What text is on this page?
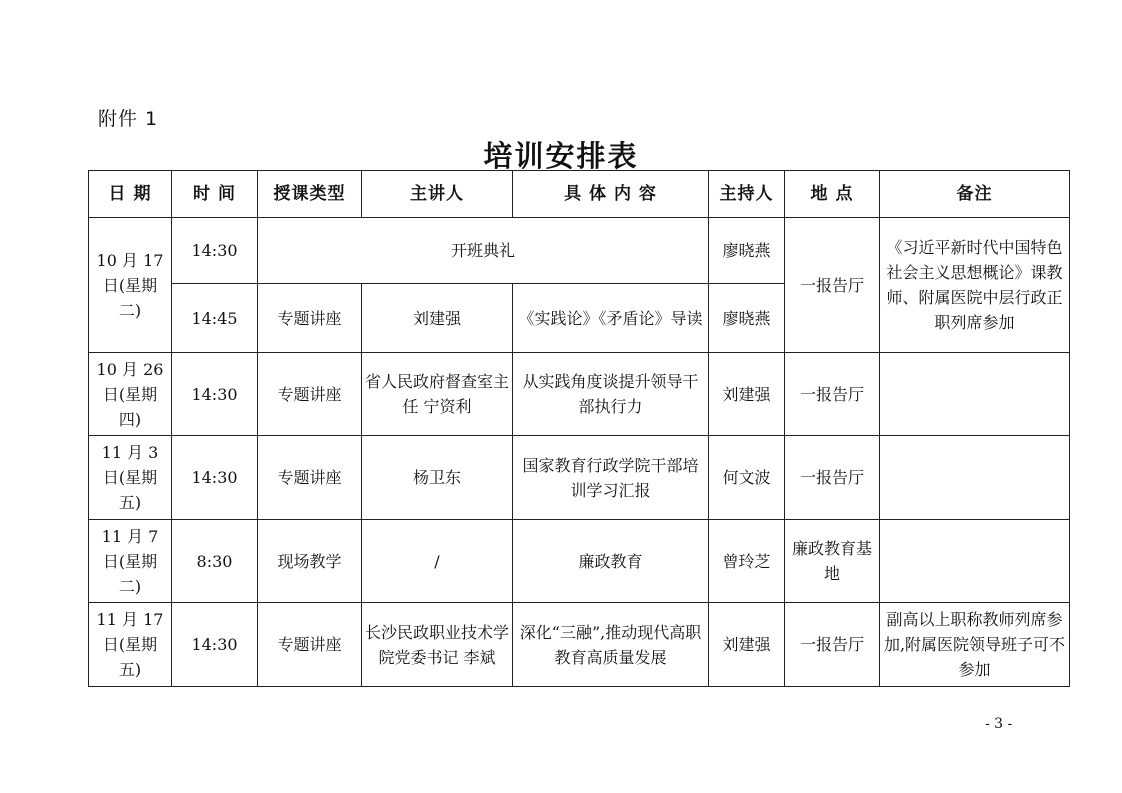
附件 1
培训安排表
日 期	时 间	授课类型	主讲人	具 体 内 容	主持人	地 点	备注
10 月 17 日(星期二)	14:30	开班典礼			廖晓燕	一报告厅	《习近平新时代中国特色社会主义思想概论》课教师、附属医院中层行政正职列席参加
	14:45	专题讲座	刘建强	《实践论》《矛盾论》导读	廖晓燕		
10 月 26 日(星期四)	14:30	专题讲座	省人民政府督查室主任 宁资利	从实践角度谈提升领导干部执行力	刘建强	一报告厅	
11 月 3 日(星期五)	14:30	专题讲座	杨卫东	国家教育行政学院干部培训学习汇报	何文波	一报告厅	
11 月 7 日(星期二)	8:30	现场教学	/	廉政教育	曾玲芝	廉政教育基地	
11 月 17 日(星期五)	14:30	专题讲座	长沙民政职业技术学院党委书记 李斌	深化“三融”,推动现代高职教育高质量发展	刘建强	一报告厅	副高以上职称教师列席参加,附属医院领导班子可不参加
- 3 -
